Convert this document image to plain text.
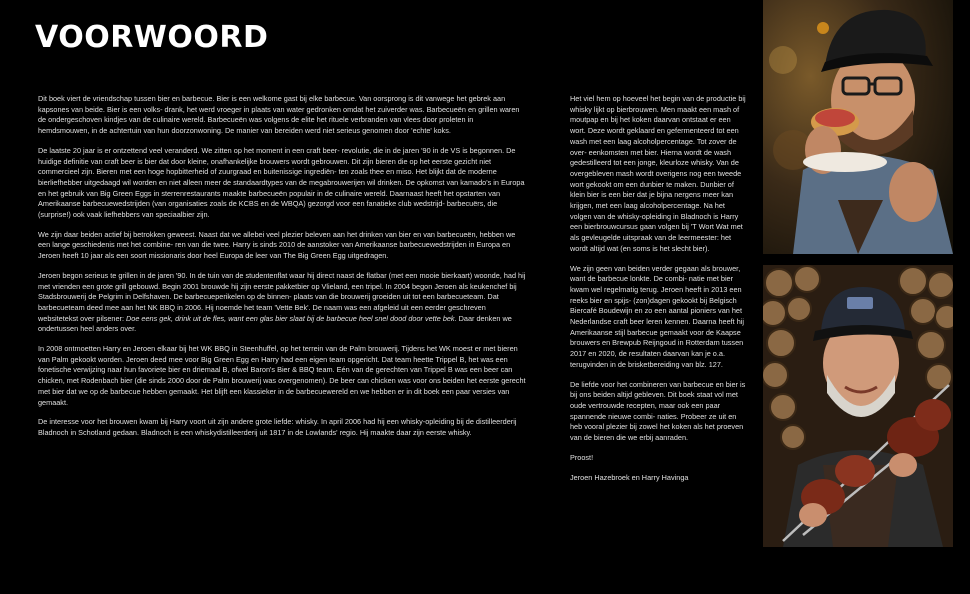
VOORWOORD

Dit boek viert de vriendschap tussen bier en barbecue. Bier is een welkome gast bij elke barbecue. Van oorsprong is dit vanwege het gebrek aan kapsones van beide. Bier is een volks- drank, het werd vroeger in plaats van water gedronken omdat het zuiverder was. Barbecueën en grillen waren de ondergeschoven kindjes van de culinaire wereld. Barbecueën was volgens de elite het rituele verbranden van vlees door proleten in hemdsmouwen, in de achtertuin van hun doorzonwoning. De manier van bereiden werd niet serieus genomen door 'echte' koks.

De laatste 20 jaar is er ontzettend veel veranderd. We zitten op het moment in een craft beer- revolutie, die in de jaren '90 in de VS is begonnen. De huidige definitie van craft beer is bier dat door kleine, onafhankelijke brouwers wordt gebrouwen. Dit zijn bieren die op het eerste gezicht niet commercieel zijn. Bieren met een hoge hopbitterheid of zuurgraad en buitenissige ingrediën- ten zoals thee en miso. Het blijkt dat de moderne bierliefhebber uitgedaagd wil worden en niet alleen meer de standaardtypes van de megabrouwerijen wil drinken. De opkomst van kamado's in Europa en het gebruik van Big Green Eggs in sterrenrestaurants maakte barbecueën populair in de culinaire wereld. Daarnaast heeft het opstarten van Amerikaanse barbecuewedstrijden (van organisaties zoals de KCBS en de WBQA) gezorgd voor een fanatieke club wedstrijd- barbecuërs, die (surprise!) ook vaak liefhebbers van speciaalbier zijn.

We zijn daar beiden actief bij betrokken geweest. Naast dat we allebei veel plezier beleven aan het drinken van bier en van barbecueën, hebben we een lange geschiedenis met het combine- ren van die twee. Harry is sinds 2010 de aanstoker van Amerikaanse barbecuewedstrijden in Europa en Jeroen heeft 10 jaar als een soort missionaris door heel Europa de leer van The Big Green Egg uitgedragen.

Jeroen begon serieus te grillen in de jaren '90. In de tuin van de studentenflat waar hij direct naast de flatbar (met een mooie bierkaart) woonde, had hij met vrienden een grote grill gebouwd. Begin 2001 brouwde hij zijn eerste pakketbier op Vlieland, een tripel. In 2004 begon Jeroen als keukenchef bij Stadsbrouwerij de Pelgrim in Delfshaven. De barbecueperikelen op de binnen- plaats van die brouwerij groeiden uit tot een barbecueteam. Dat barbecueteam deed mee aan het NK BBQ in 2006. Hij noemde het team 'Vette Bek'. De naam was een afgeleid uit een eerder geschreven websitetekst over pilsener: Doe eens gek, drink uit de fles, want een glas bier slaat bij de barbecue heel snel dood door vette bek. Daar denken we ondertussen heel anders over.

In 2008 ontmoetten Harry en Jeroen elkaar bij het WK BBQ in Steenhuffel, op het terrein van de Palm brouwerij. Tijdens het WK moest er met bieren van Palm gekookt worden. Jeroen deed mee voor Big Green Egg en Harry had een eigen team opgericht. Dat team heette Trippel B, het was een fonetische verwijzing naar hun favoriete bier en driemaal B, ofwel Baron's Bier & BBQ team. Eén van de gerechten van Trippel B was een beer can chicken, met Rodenbach bier (die sinds 2000 door de Palm brouwerij was overgenomen). De beer can chicken was voor ons beiden het eerste gerecht met bier dat we op de barbecue hebben gemaakt. Het blijft een klassieker in de barbecuewereld en we hebben er in dit boek een paar versies van gemaakt.

De interesse voor het brouwen kwam bij Harry voort uit zijn andere grote liefde: whisky. In april 2006 had hij een whisky-opleiding bij de distilleerderij Bladnoch in Schotland gedaan. Bladnoch is een whiskydistilleerderij uit 1817 in de Lowlands' regio. Hij maakte daar zijn eerste whisky.

Het viel hem op hoeveel het begin van de productie bij whisky lijkt op bierbrouwen. Men maakt een mash of moutpap en bij het koken daarvan ontstaat er een wort. Deze wordt geklaard en gefermenteerd tot een wash met een laag alcoholpercentage. Tot zover de over- eenkomsten met bier. Hierna wordt de wash gedestilleerd tot een jonge, kleurloze whisky. Van de overgebleven mash wordt overigens nog een tweede wort gekookt om een dunbier te maken. Dunbier of klein bier is een bier dat je bijna nergens meer kan krijgen, met een laag alcoholpercentage. Na het volgen van de whisky-opleiding in Bladnoch is Harry een bierbrouwcursus gaan volgen bij 'T Wort Wat met als gevleugelde uitspraak van de leermeester: het wordt altijd wat (en soms is het slecht bier).

We zijn geen van beiden verder gegaan als brouwer, want de barbecue lonkte. De combi- natie met bier kwam wel regelmatig terug. Jeroen heeft in 2013 een reeks bier en spijs- (zon)dagen gekookt bij Belgisch Biercafé Boudewijn en zo een aantal pioniers van het Nederlandse craft beer leren kennen. Daarna heeft hij Amerikaanse stijl barbecue gemaakt voor de Kaapse brouwers en Brewpub Reijngoud in Rotterdam tussen 2017 en 2020, de resultaten daarvan kan je o.a. terugvinden in de brisketbereiding van blz. 127.

De liefde voor het combineren van barbecue en bier is bij ons beiden altijd gebleven. Dit boek staat vol met oude vertrouwde recepten, maar ook een paar spannende nieuwe combi- naties. Probeer ze uit en heb vooral plezier bij zowel het koken als het proeven van de bieren die we erbij aanraden.

Proost!

Jeroen Hazebroek en Harry Havinga
